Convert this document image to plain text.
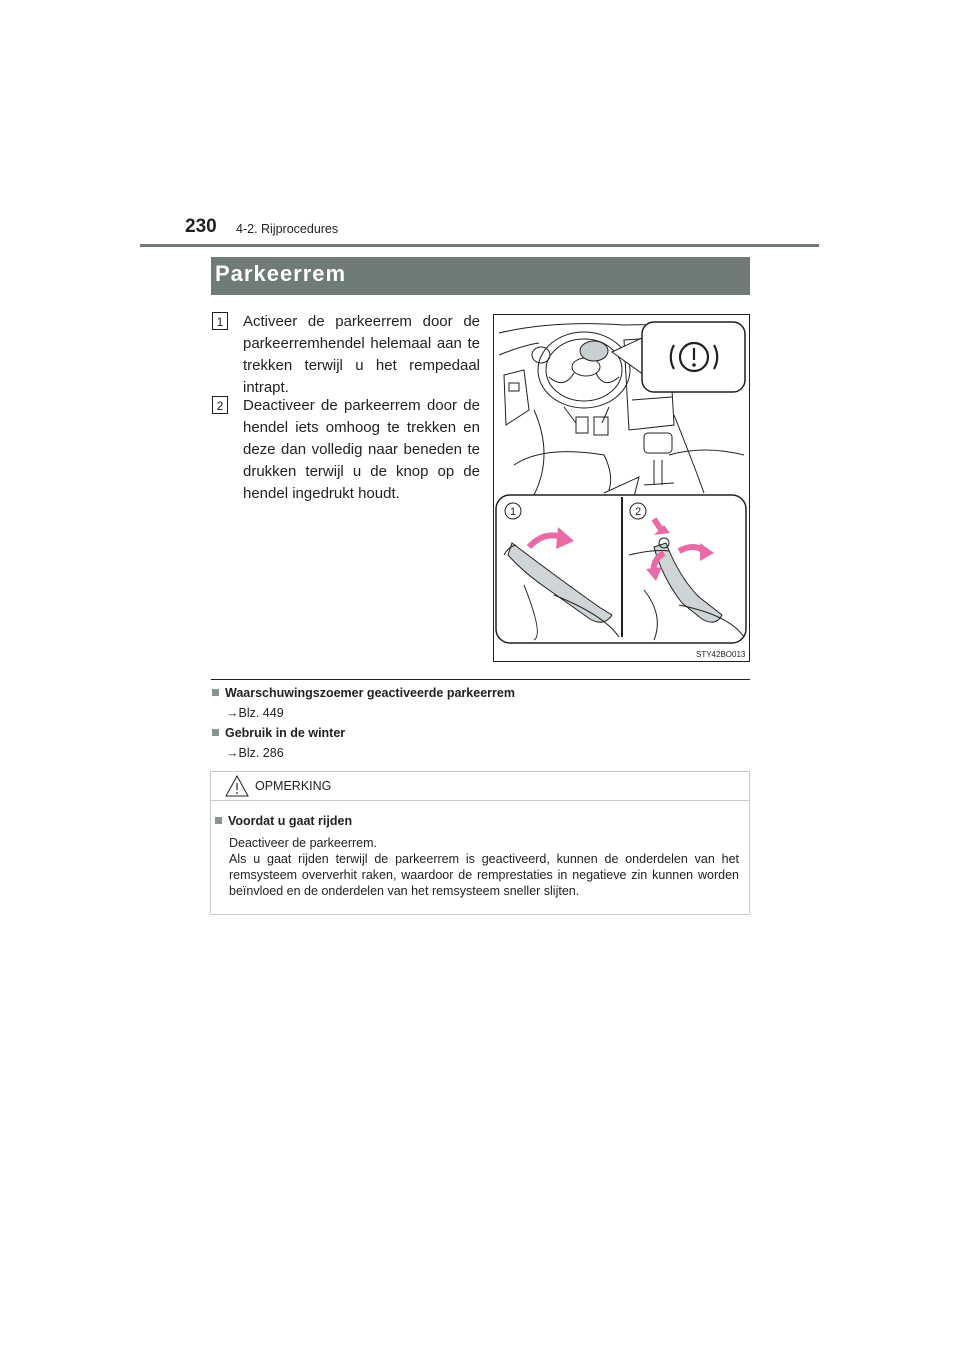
230 4-2. Rijprocedures
Parkeerrem
1	Activeer de parkeerrem door de parkeerremhendel helemaal aan te trekken terwijl u het rempedaal intrapt.
2	Deactiveer de parkeerrem door de hendel iets omhoog te trekken en deze dan volledig naar beneden te drukken terwijl u de knop op de hendel ingedrukt houdt.
1	2
STY42BO013
Waarschuwingszoemer geactiveerde parkeerrem
→Blz. 449
Gebruik in de winter
→Blz. 286
OPMERKING
Voordat u gaat rijden
Deactiveer de parkeerrem.
Als u gaat rijden terwijl de parkeerrem is geactiveerd, kunnen de onderdelen van het remsysteem oververhit raken, waardoor de remprestaties in negatieve zin kunnen worden beïnvloed en de onderdelen van het remsysteem sneller slijten.
